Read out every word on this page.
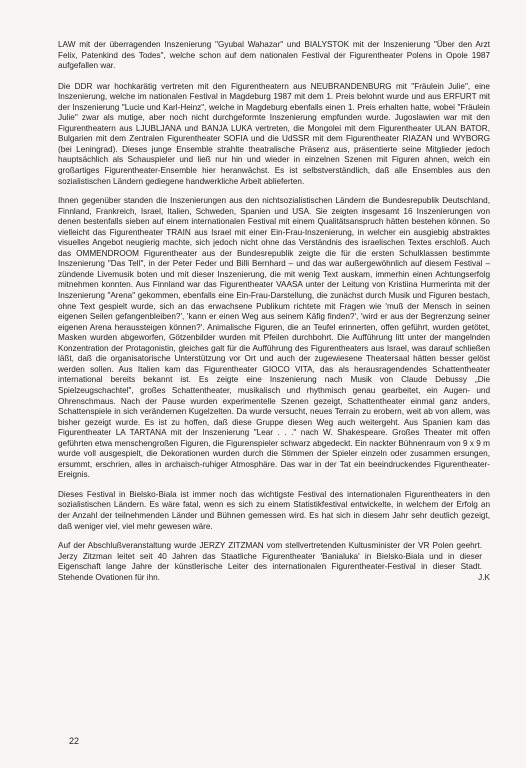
LAW mit der überragenden Inszenierung "Gyubal Wahazar" und BIALYSTOK mit der Inszenierung "Über den Arzt Felix, Patenkind des Todes", welche schon auf dem nationalen Festival der Figurentheater Polens in Opole 1987 aufgefallen war.

Die DDR war hochkarätig vertreten mit den Figurentheatern aus NEUBRANDENBURG mit "Fräulein Julie", eine Inszenierung, welche im nationalen Festival in Magdeburg 1987 mit dem 1. Preis belohnt wurde und aus ERFURT mit der Inszenierung "Lucie und Karl-Heinz", welche in Magdeburg ebenfalls einen 1. Preis erhalten hatte, wobei "Fräulein Julie" zwar als mutige, aber noch nicht durchgeformte Inszenierung empfunden wurde. Jugoslawien war mit den Figurentheatern aus LJUBLJANA und BANJA LUKA vertreten, die Mongolei mit dem Figurentheater ULAN BATOR, Bulgarien mit dem Zentralen Figurentheater SOFIA und die UdSSR mit dem Figurentheater RIAZAN und WYBORG (bei Leningrad). Dieses junge Ensemble strahlte theatralische Präsenz aus, präsentierte seine Mitglieder jedoch hauptsächlich als Schauspieler und ließ nur hin und wieder in einzelnen Szenen mit Figuren ahnen, welch ein großartiges Figurentheater-Ensemble hier heranwächst. Es ist selbstverständlich, daß alle Ensembles aus den sozialistischen Ländern gediegene handwerkliche Arbeit ablieferten.

Ihnen gegenüber standen die Inszenierungen aus den nichtsozialistischen Ländern die Bundesrepublik Deutschland, Finnland, Frankreich, Israel, Italien, Schweden, Spanien und USA. Sie zeigten insgesamt 16 Inszenierungen von denen bestenfalls sieben auf einem internationalen Festival mit einem Qualitätsanspruch hätten bestehen können. So vielleicht das Figurentheater TRAIN aus Israel mit einer Ein-Frau-Inszenierung, in welcher ein ausgiebig abstraktes visuelles Angebot neugierig machte, sich jedoch nicht ohne das Verständnis des israelischen Textes erschloß. Auch das OMMENDROOM Figurentheater aus der Bundesrepublik zeigte die für die ersten Schulklassen bestimmte Inszenierung "Das Tell", in der Peter Feder und Billi Bernhard – und das war außergewöhnlich auf diesem Festival – zündende Livemusik boten und mit dieser Inszenierung, die mit wenig Text auskam, immerhin einen Achtungserfolg mitnehmen konnten. Aus Finnland war das Figurentheater VAASA unter der Leitung von Kristiina Hurmerinta mit der Inszenierung "Arena" gekommen, ebenfalls eine Ein-Frau-Darstellung, die zunächst durch Musik und Figuren bestach, ohne Text gespielt wurde, sich an das erwachsene Publikum richtete mit Fragen wie 'muß der Mensch in seinen eigenen Seilen gefangenbleiben?', 'kann er einen Weg aus seinem Käfig finden?', 'wird er aus der Begrenzung seiner eigenen Arena heraussteigen können?'. Animalische Figuren, die an Teufel erinnerten, offen geführt, wurden getötet, Masken wurden abgeworfen, Götzenbilder wurden mit Pfeilen durchbohrt. Die Aufführung litt unter der mangelnden Konzentration der Protagonistin, gleiches galt für die Aufführung des Figurentheaters aus Israel, was darauf schließen läßt, daß die organisatorische Unterstützung vor Ort und auch der zugewiesene Theatersaal hätten besser gelöst werden sollen. Aus Italien kam das Figurentheater GIOCO VITA, das als herausragendendes Schattentheater international bereits bekannt ist. Es zeigte eine Inszenierung nach Musik von Claude Debussy „Die Spielzeugschachtel", großes Schattentheater, musikalisch und rhythmisch genau gearbeitet, ein Augen- und Ohrenschmaus. Nach der Pause wurden experimentelle Szenen gezeigt, Schattentheater einmal ganz anders, Schattenspiele in sich verändernen Kugelzelten. Da wurde versucht, neues Terrain zu erobern, weit ab von allem, was bisher gezeigt wurde. Es ist zu hoffen, daß diese Gruppe diesen Weg auch weitergeht. Aus Spanien kam das Figurentheater LA TARTANA mit der Inszenierung "Lear . . ." nach W. Shakespeare. Großes Theater mit offen geführten etwa menschengroßen Figuren, die Figurenspieler schwarz abgedeckt. Ein nackter Bühnenraum von 9 x 9 m wurde voll ausgespielt, die Dekorationen wurden durch die Stimmen der Spieler einzeln oder zusammen ersungen, ersummt, erschrien, alles in archaisch-ruhiger Atmosphäre. Das war in der Tat ein beeindruckendes Figurentheater-Ereignis.

Dieses Festival in Bielsko-Biala ist immer noch das wichtigste Festival des internationalen Figurentheaters in den sozialistischen Ländern. Es wäre fatal, wenn es sich zu einem Statistikfestival entwickelte, in welchem der Erfolg an der Anzahl der teilnehmenden Länder und Bühnen gemessen wird. Es hat sich in diesem Jahr sehr deutlich gezeigt, daß weniger viel, viel mehr gewesen wäre.

Auf der Abschlußveranstaltung wurde JERZY ZITZMAN vom stellvertretenden Kultusminister der VR Polen geehrt. Jerzy Zitzman leitet seit 40 Jahren das Staatliche Figurentheater 'Banialuka' in Bielsko-Biala und in dieser Eigenschaft lange Jahre der künstlerische Leiter des internationalen Figurentheater-Festival in dieser Stadt. Stehende Ovationen für ihn.	J.K
22
